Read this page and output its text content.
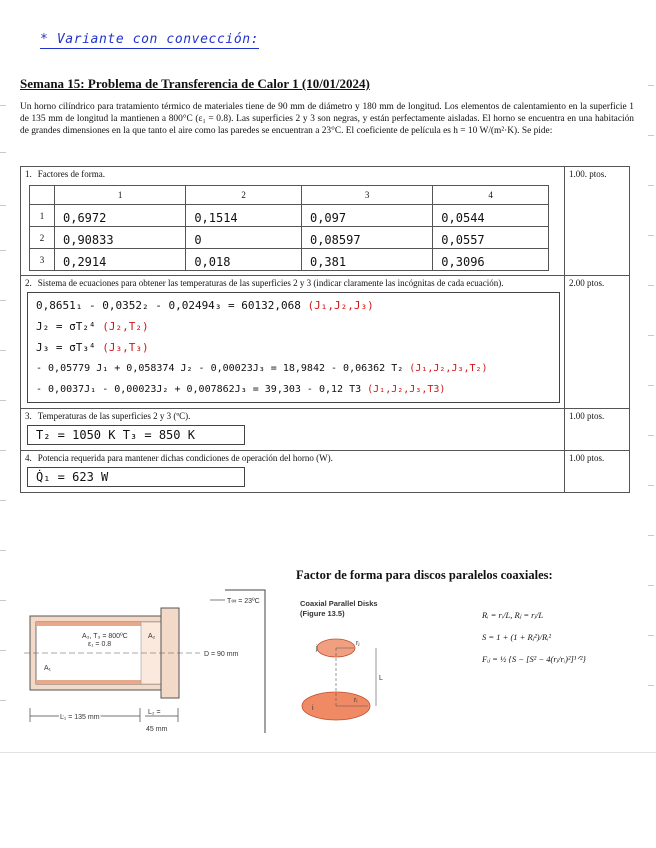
* Variante con convección:
Semana 15: Problema de Transferencia de Calor 1 (10/01/2024)
Un horno cilíndrico para tratamiento térmico de materiales tiene de 90 mm de diámetro y 180 mm de longitud. Los elementos de calentamiento en la superficie 1 de 135 mm de longitud la mantienen a 800°C (ε₁ = 0.8). Las superficies 2 y 3 son negras, y están perfectamente aisladas. El horno se encuentra en una habitación de grandes dimensiones en la que tanto el aire como las paredes se encuentran a 23°C. El coeficiente de película es h = 10 W/(m²·K). Se pide:
1. Factores de forma.
	1	2	3	4
1	0,6972	0,1514	0,097	0,0544
2	0,90833	0	0,08597	0,0557
3	0,2914	0,018	0,381	0,3096
	1.00. ptos.

2. Sistema de ecuaciones para obtener las temperaturas de las superficies 2 y 3 (indicar claramente las incógnitas de cada ecuación).
0,8651₁ - 0,0352₂ - 0,02494₃ = 60132,068 (J₁,J₂,J₃)
J₂ = σT₂⁴ (J₂,T₂)
J₃ = σT₃⁴ (J₃,T₃)
- 0,05779 J₁ + 0,058374 J₂ - 0,00023J₃ = 18,9842 - 0,06362 T₂ (J₁,J₂,J₃,T₂)
- 0,0037J₁ - 0,00023J₂ + 0,007862J₃ = 39,303 - 0,12 T3 (J₁,J₂,J₃,T3)
	2.00 ptos.

3. Temperaturas de las superficies 2 y 3 (ºC).
T₂ = 1050 K T₃ = 850 K
	1.00 ptos.

4. Potencia requerida para mantener dichas condiciones de operación del horno (W).
Q̇₁ = 623 W
	1.00 ptos.
Factor de forma para discos paralelos coaxiales:
T∞ = 23ºC
A₃, T₃ = 800ºC
ε₁ = 0.8
A₂
A₁
D = 90 mm
L₁ = 135 mm
L₂ =
45 mm
Coaxial Parallel Disks
(Figure 13.5)
j
i
rⱼ
rᵢ
L
Rᵢ = rᵢ/L, Rⱼ = rⱼ/L
S = 1 + (1 + Rⱼ²)/Rᵢ²
Fᵢⱼ = ½ {S − [S² − 4(rⱼ/rᵢ)²]¹ᐟ²}
